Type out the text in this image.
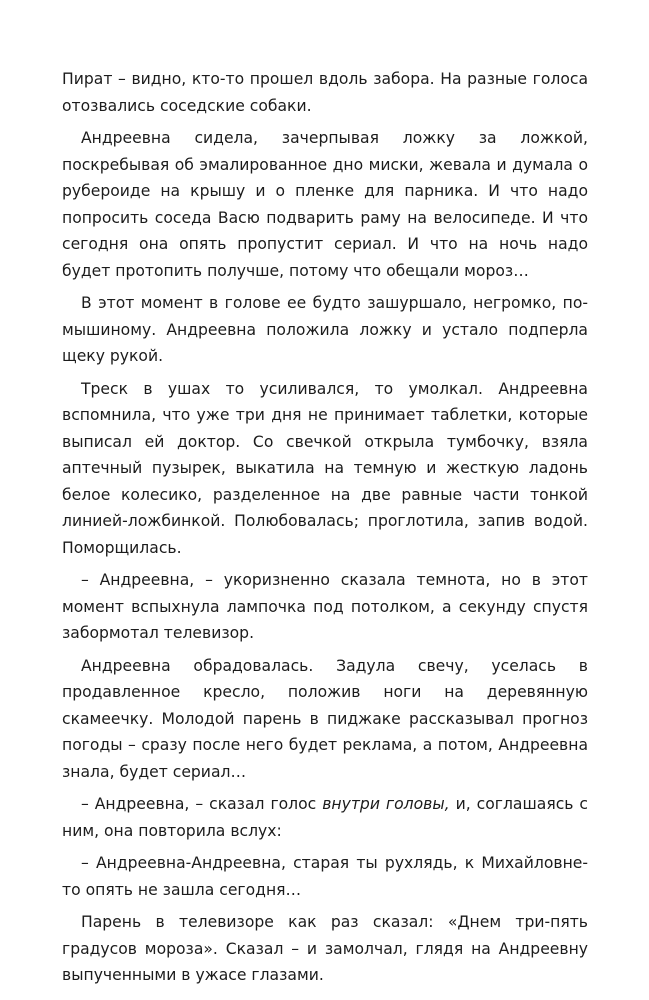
Пират – видно, кто-то прошел вдоль забора. На разные голоса отозвались соседские собаки.

Андреевна сидела, зачерпывая ложку за ложкой, поскребывая об эмалированное дно миски, жевала и думала о рубероиде на крышу и о пленке для парника. И что надо попросить соседа Васю подварить раму на велосипеде. И что сегодня она опять пропустит сериал. И что на ночь надо будет протопить получше, потому что обещали мороз…

В этот момент в голове ее будто зашуршало, негромко, по-мышиному. Андреевна положила ложку и устало подперла щеку рукой.

Треск в ушах то усиливался, то умолкал. Андреевна вспомнила, что уже три дня не принимает таблетки, которые выписал ей доктор. Со свечкой открыла тумбочку, взяла аптечный пузырек, выкатила на темную и жесткую ладонь белое колесико, разделенное на две равные части тонкой линией-ложбинкой. Полюбовалась; проглотила, запив водой. Поморщилась.

– Андреевна, – укоризненно сказала темнота, но в этот момент вспыхнула лампочка под потолком, а секунду спустя забормотал телевизор.

Андреевна обрадовалась. Задула свечу, уселась в продавленное кресло, положив ноги на деревянную скамеечку. Молодой парень в пиджаке рассказывал прогноз погоды – сразу после него будет реклама, а потом, Андреевна знала, будет сериал…

– Андреевна, – сказал голос внутри головы, и, соглашаясь с ним, она повторила вслух:

– Андреевна-Андреевна, старая ты рухлядь, к Михайловне-то опять не зашла сегодня…

Парень в телевизоре как раз сказал: «Днем три-пять градусов мороза». Сказал – и замолчал, глядя на Андреевну выпученными в ужасе глазами.
